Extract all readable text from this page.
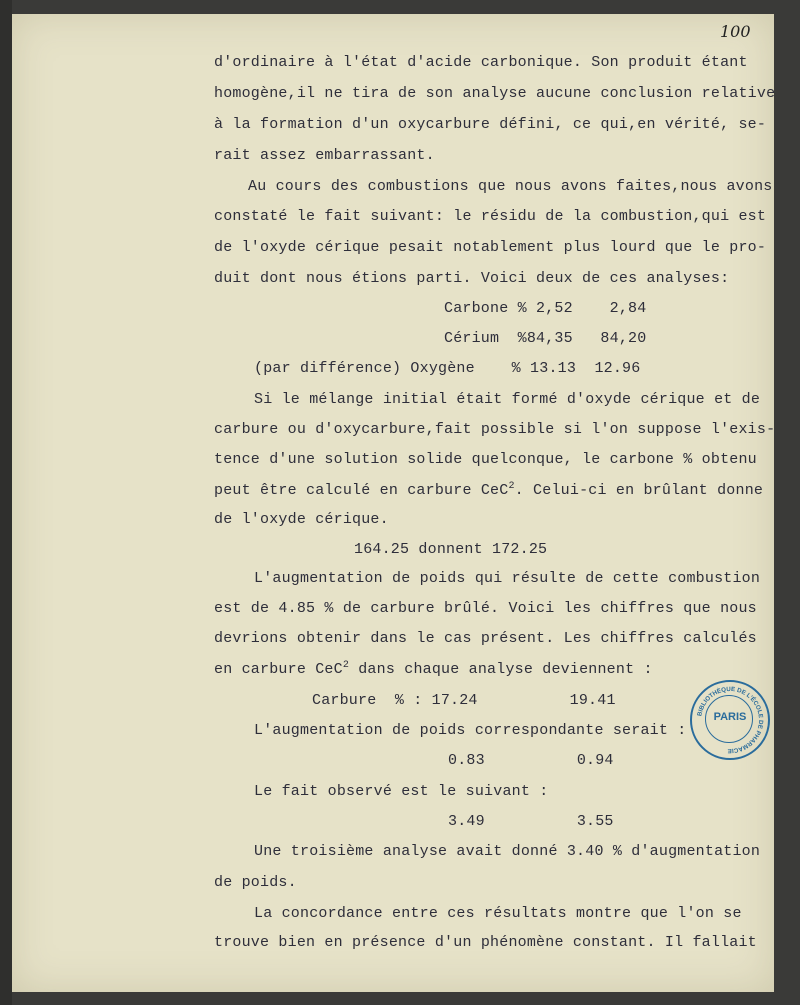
100
d'ordinaire à l'état d'acide carbonique. Son produit étant
homogène,il ne tira de son analyse aucune conclusion relative
à la formation d'un oxycarbure défini, ce qui,en vérité, se-
rait assez embarrassant.
Au cours des combustions que nous avons faites,nous avons
constaté le fait suivant: le résidu de la combustion,qui est
de l'oxyde cérique pesait notablement plus lourd que le pro-
duit dont nous étions parti. Voici deux de ces analyses:
Carbone % 2,52    2,84
Cérium  %84,35   84,20
(par différence) Oxygène    % 13.13  12.96
Si le mélange initial était formé d'oxyde cérique et de
carbure ou d'oxycarbure,fait possible si l'on suppose l'exis-
tence d'une solution solide quelconque, le carbone % obtenu
peut être calculé en carbure CeC$^2$. Celui-ci en brûlant donne
de l'oxyde cérique.
164.25 donnent 172.25
L'augmentation de poids qui résulte de cette combustion
est de 4.85 % de carbure brûlé. Voici les chiffres que nous
devrions obtenir dans le cas présent. Les chiffres calculés
en carbure CeC$^2$ dans chaque analyse deviennent :
Carbure  % : 17.24          19.41
L'augmentation de poids correspondante serait :
0.83          0.94
Le fait observé est le suivant :
3.49          3.55
Une troisième analyse avait donné 3.40 % d'augmentation
de poids.
La concordance entre ces résultats montre que l'on se
trouve bien en présence d'un phénomène constant. Il fallait
BIBLIOTHÈQUE DE L'ÉCOLE DE PHARMACIE
PARIS
